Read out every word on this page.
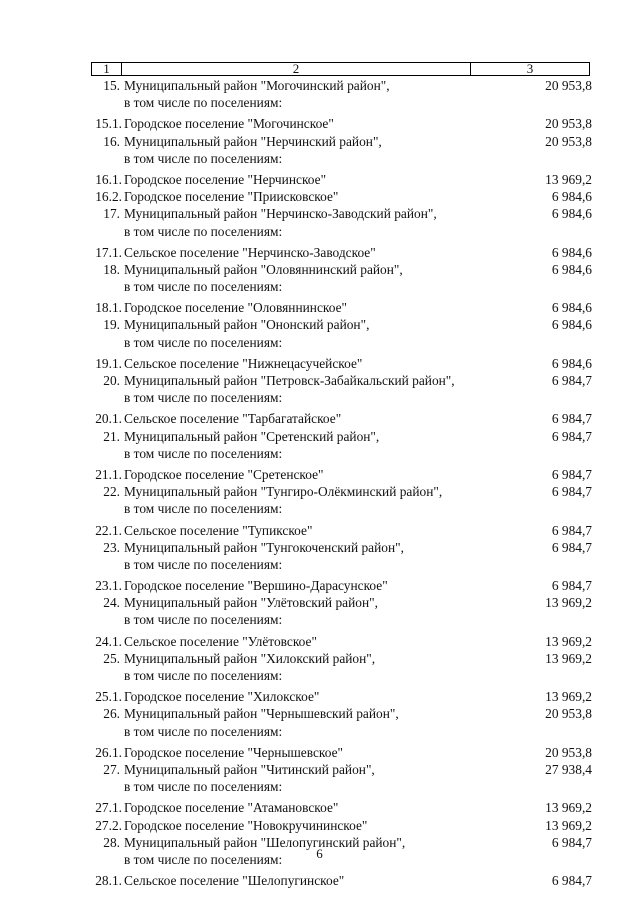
1	2	3
15. Муниципальный район "Могочинский район",	20 953,8
в том числе по поселениям:
15.1. Городское поселение "Могочинское"	20 953,8
16. Муниципальный район "Нерчинский район",	20 953,8
в том числе по поселениям:
16.1. Городское поселение "Нерчинское"	13 969,2
16.2. Городское поселение "Приисковское"	6 984,6
17. Муниципальный район "Нерчинско-Заводский район",	6 984,6
в том числе по поселениям:
17.1. Сельское поселение "Нерчинско-Заводское"	6 984,6
18. Муниципальный район "Оловяннинский район",	6 984,6
в том числе по поселениям:
18.1. Городское поселение "Оловяннинское"	6 984,6
19. Муниципальный район "Ононский район",	6 984,6
в том числе по поселениям:
19.1. Сельское поселение "Нижнецасучейское"	6 984,6
20. Муниципальный район "Петровск-Забайкальский район",	6 984,7
в том числе по поселениям:
20.1. Сельское поселение "Тарбагатайское"	6 984,7
21. Муниципальный район "Сретенский район",	6 984,7
в том числе по поселениям:
21.1. Городское поселение "Сретенское"	6 984,7
22. Муниципальный район "Тунгиро-Олёкминский район",	6 984,7
в том числе по поселениям:
22.1. Сельское поселение "Тупикское"	6 984,7
23. Муниципальный район "Тунгокоченский район",	6 984,7
в том числе по поселениям:
23.1. Городское поселение "Вершино-Дарасунское"	6 984,7
24. Муниципальный район "Улётовский район",	13 969,2
в том числе по поселениям:
24.1. Сельское поселение "Улётовское"	13 969,2
25. Муниципальный район "Хилокский район",	13 969,2
в том числе по поселениям:
25.1. Городское поселение "Хилокское"	13 969,2
26. Муниципальный район "Чернышевский район",	20 953,8
в том числе по поселениям:
26.1. Городское поселение "Чернышевское"	20 953,8
27. Муниципальный район "Читинский район",	27 938,4
в том числе по поселениям:
27.1. Городское поселение "Атамановское"	13 969,2
27.2. Городское поселение "Новокручининское"	13 969,2
28. Муниципальный район "Шелопугинский район",	6 984,7
в том числе по поселениям:
28.1. Сельское поселение "Шелопугинское"	6 984,7
6
